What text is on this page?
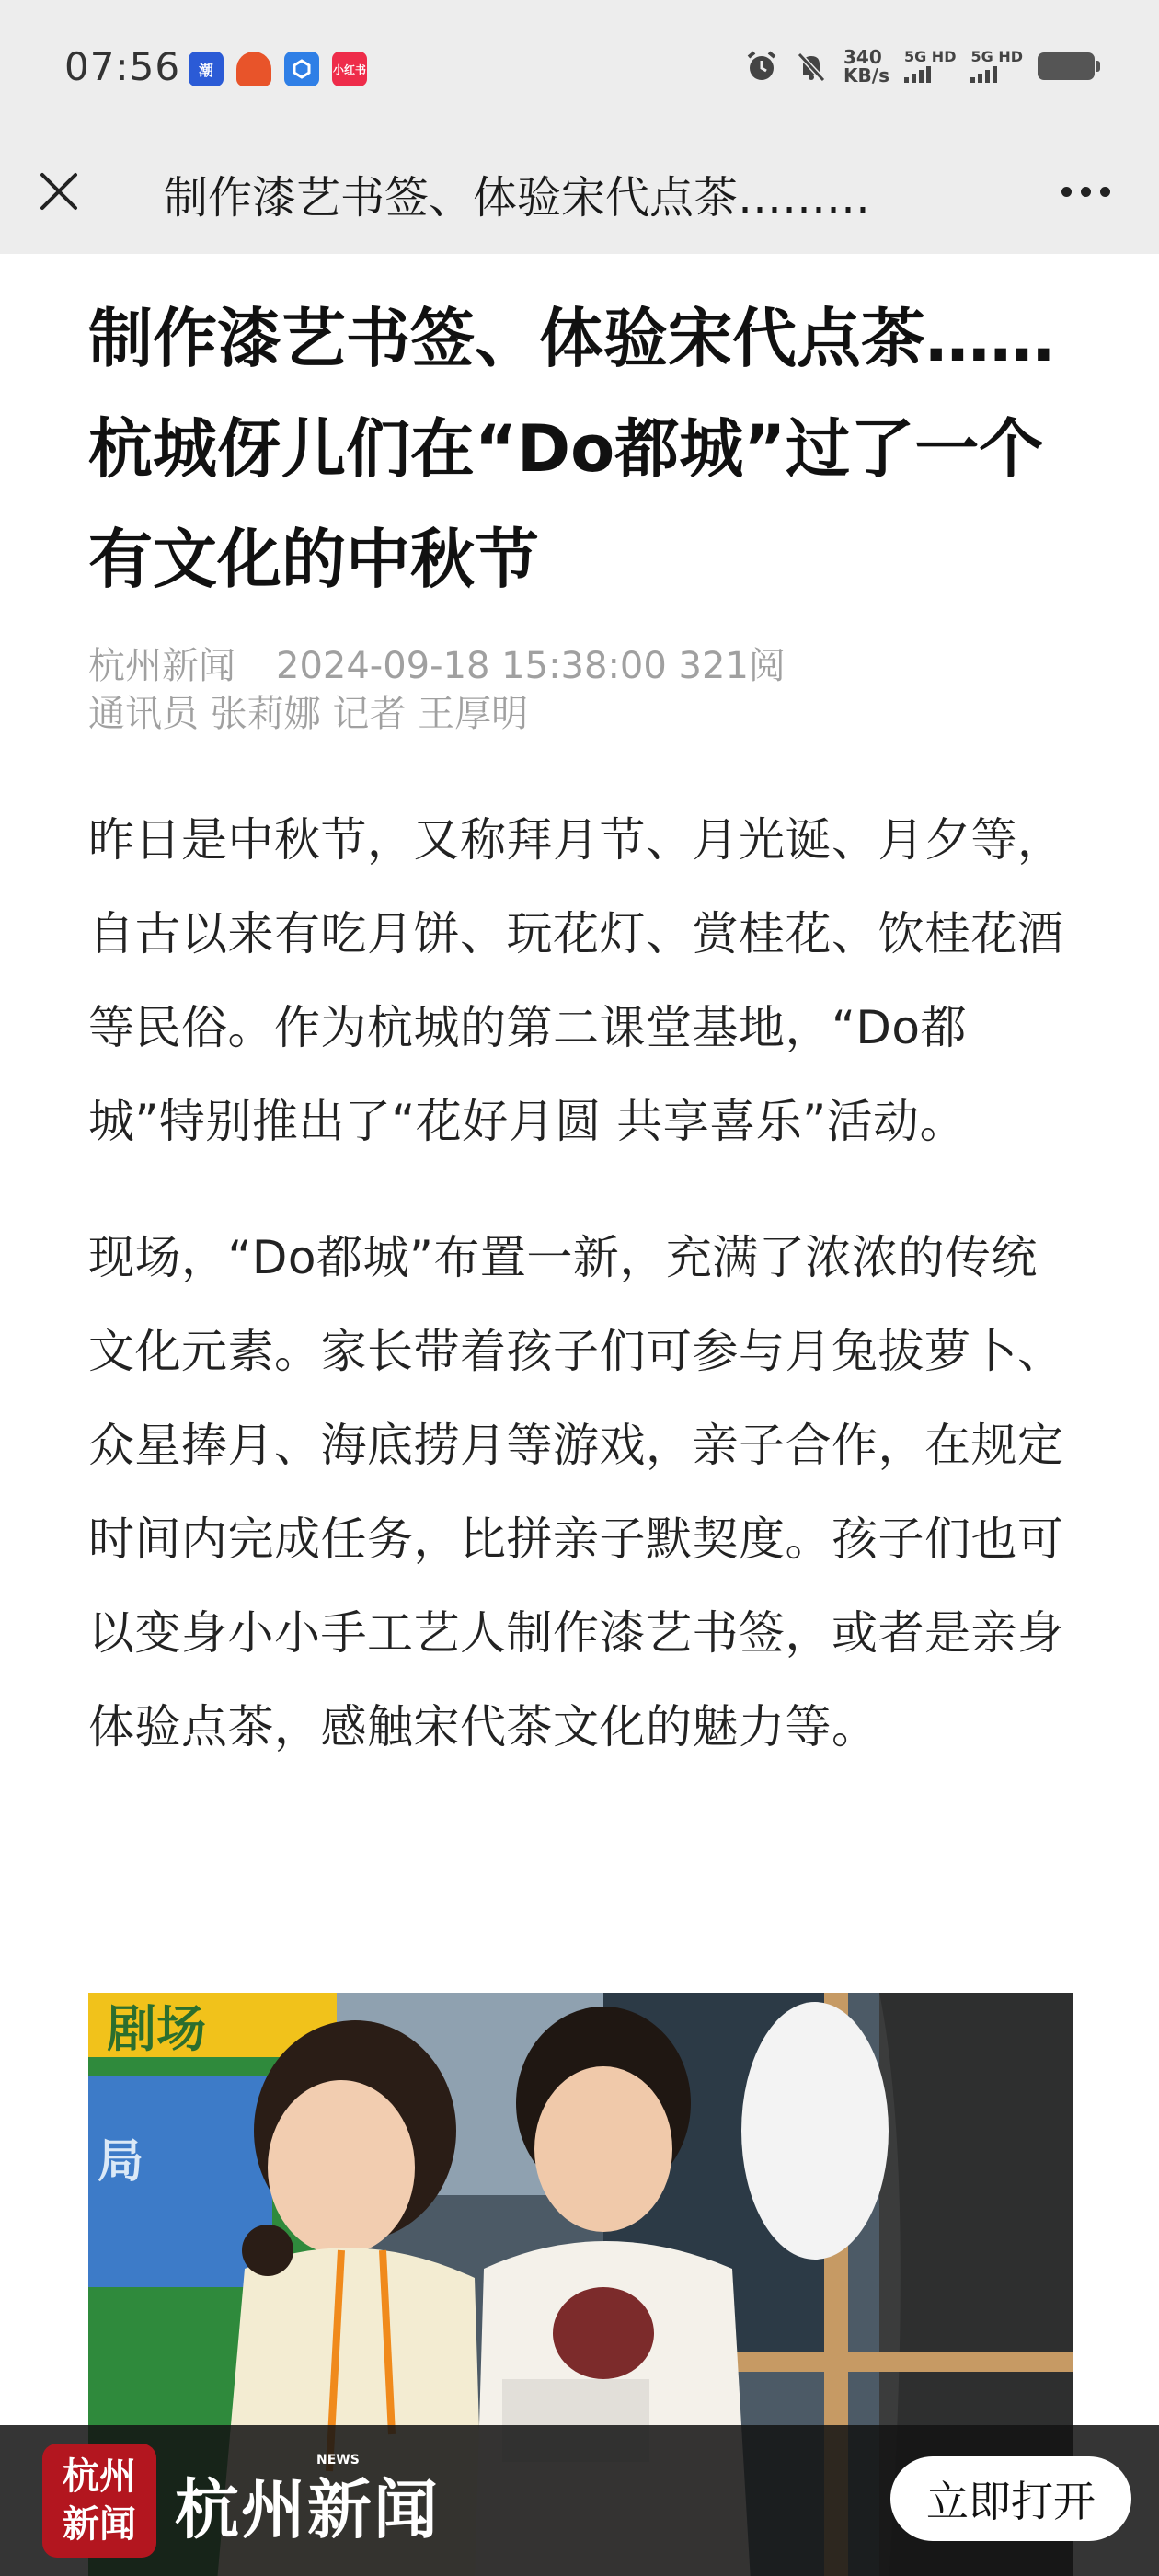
07:56	潮	小红书
340
KB/s
5G HD 5G HD
制作漆艺书签、体验宋代点茶………
制作漆艺书签、体验宋代点茶……杭城伢儿们在“Do都城”过了一个有文化的中秋节
杭州新闻 2024-09-18 15:38:00 321阅
通讯员 张莉娜 记者 王厚明

昨日是中秋节，又称拜月节、月光诞、月夕等，自古以来有吃月饼、玩花灯、赏桂花、饮桂花酒等民俗。作为杭城的第二课堂基地，“Do都城”特别推出了“花好月圆 共享喜乐”活动。

现场，“Do都城”布置一新，充满了浓浓的传统文化元素。家长带着孩子们可参与月兔拔萝卜、众星捧月、海底捞月等游戏，亲子合作，在规定时间内完成任务，比拼亲子默契度。孩子们也可以变身小小手工艺人制作漆艺书签，或者是亲身体验点茶，感触宋代茶文化的魅力等。

剧场
局
杭州
新闻 杭州新闻
NEWS
立即打开
